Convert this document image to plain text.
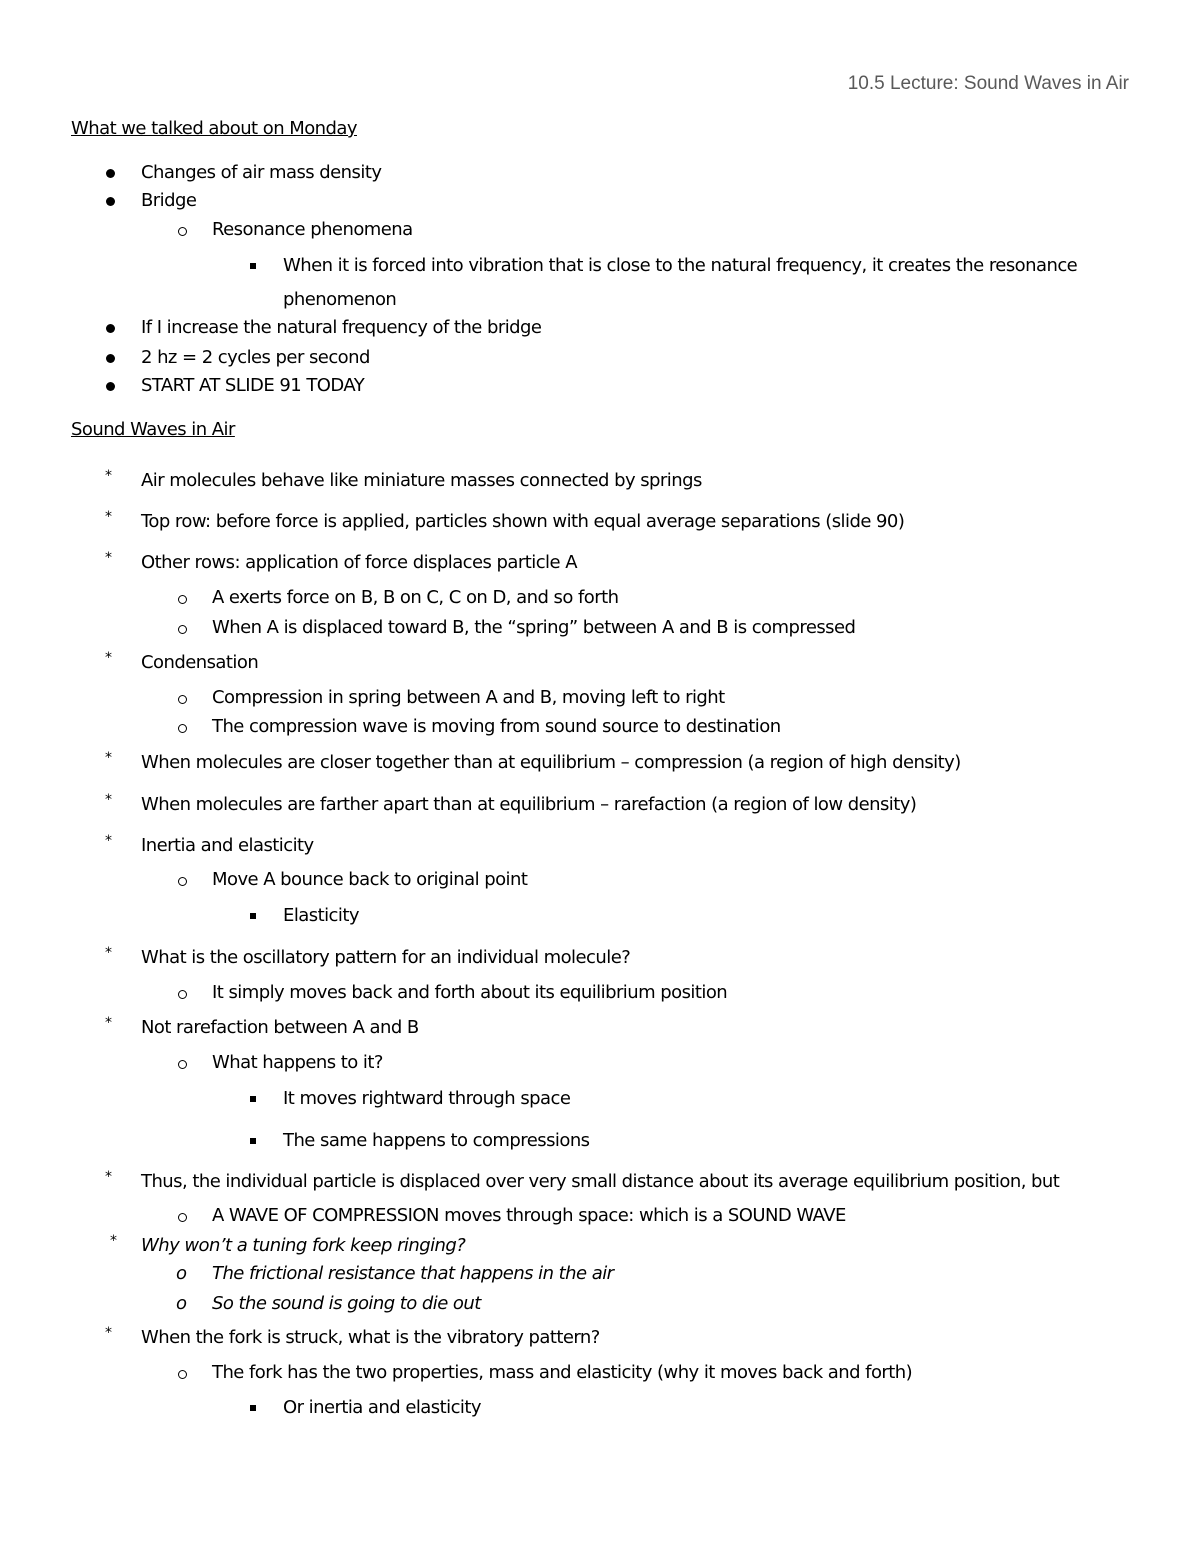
10.5 Lecture: Sound Waves in Air
What we talked about on Monday
Changes of air mass density
Bridge
Resonance phenomena
When it is forced into vibration that is close to the natural frequency, it creates the resonance
phenomenon
If I increase the natural frequency of the bridge
2 hz = 2 cycles per second
START AT SLIDE 91 TODAY
Sound Waves in Air
* Air molecules behave like miniature masses connected by springs
* Top row: before force is applied, particles shown with equal average separations (slide 90)
* Other rows: application of force displaces particle A
A exerts force on B, B on C, C on D, and so forth
When A is displaced toward B, the “spring” between A and B is compressed
* Condensation
Compression in spring between A and B, moving left to right
The compression wave is moving from sound source to destination
* When molecules are closer together than at equilibrium – compression (a region of high density)
* When molecules are farther apart than at equilibrium – rarefaction (a region of low density)
* Inertia and elasticity
Move A bounce back to original point
Elasticity
* What is the oscillatory pattern for an individual molecule?
It simply moves back and forth about its equilibrium position
* Not rarefaction between A and B
What happens to it?
It moves rightward through space
The same happens to compressions
* Thus, the individual particle is displaced over very small distance about its average equilibrium position, but
A WAVE OF COMPRESSION moves through space: which is a SOUND WAVE
* Why won’t a tuning fork keep ringing?
o The frictional resistance that happens in the air
o So the sound is going to die out
* When the fork is struck, what is the vibratory pattern?
The fork has the two properties, mass and elasticity (why it moves back and forth)
Or inertia and elasticity
